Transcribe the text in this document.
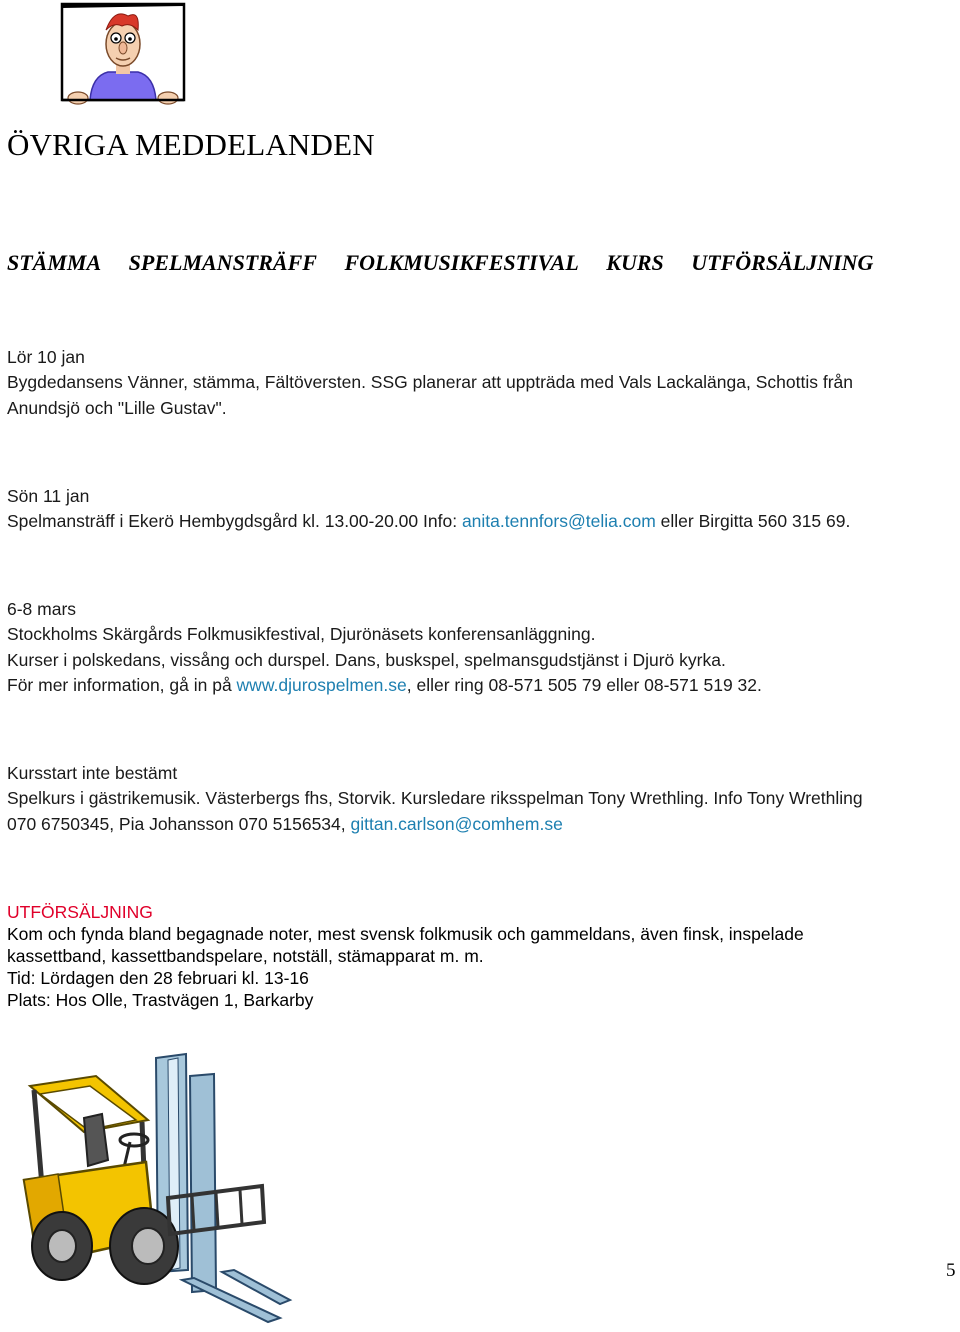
ÖVRIGA MEDDELANDEN
STÄMMA SPELMANSTRÄFF FOLKMUSIKFESTIVAL KURS UTFÖRSÄLJNING
Lör 10 jan
Bygdedansens Vänner, stämma, Fältöversten. SSG planerar att uppträda med Vals Lackalänga, Schottis från
Anundsjö och "Lille Gustav".
Sön 11 jan
Spelmansträff i Ekerö Hembygdsgård kl. 13.00-20.00 Info: anita.tennfors@telia.com eller Birgitta 560 315 69.
6-8 mars
Stockholms Skärgårds Folkmusikfestival, Djurönäsets konferensanläggning.
Kurser i polskedans, vissång och durspel. Dans, buskspel, spelmansgudstjänst i Djurö kyrka.
För mer information, gå in på www.djurospelmen.se, eller ring 08-571 505 79 eller 08-571 519 32.
Kursstart inte bestämt
Spelkurs i gästrikemusik. Västerbergs fhs, Storvik. Kursledare riksspelman Tony Wrethling. Info Tony Wrethling
070 6750345, Pia Johansson 070 5156534, gittan.carlson@comhem.se
UTFÖRSÄLJNING
Kom och fynda bland begagnade noter, mest svensk folkmusik och gammeldans, även finsk, inspelade
kassettband, kassettbandspelare, notställ, stämapparat m. m.
Tid: Lördagen den 28 februari kl. 13-16
Plats: Hos Olle, Trastvägen 1, Barkarby
5
